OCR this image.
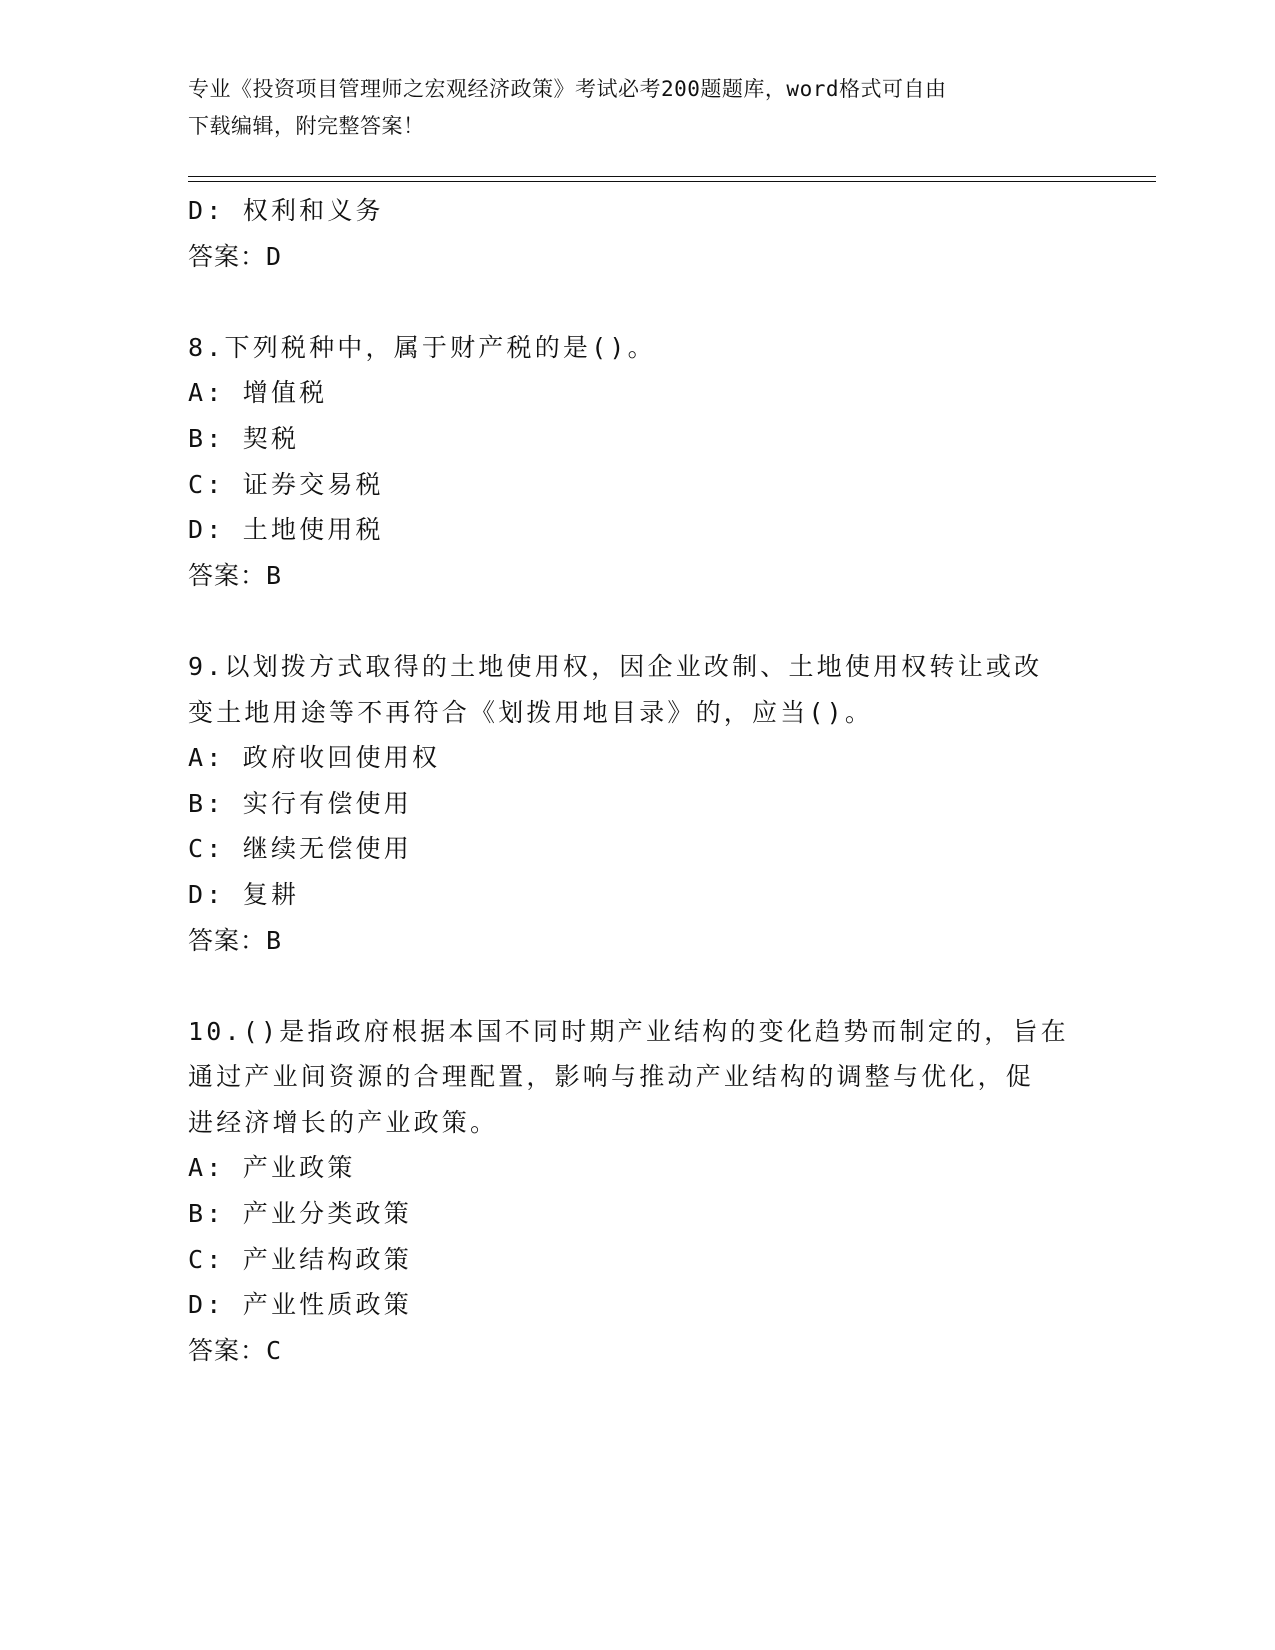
专业《投资项目管理师之宏观经济政策》考试必考200题题库，word格式可自由
下载编辑，附完整答案！
D: 权利和义务
答案：D
8.下列税种中，属于财产税的是()。
A: 增值税
B: 契税
C: 证券交易税
D: 土地使用税
答案：B
9.以划拨方式取得的土地使用权，因企业改制、土地使用权转让或改
变土地用途等不再符合《划拨用地目录》的，应当()。
A: 政府收回使用权
B: 实行有偿使用
C: 继续无偿使用
D: 复耕
答案：B
10.()是指政府根据本国不同时期产业结构的变化趋势而制定的，旨在
通过产业间资源的合理配置，影响与推动产业结构的调整与优化，促
进经济增长的产业政策。
A: 产业政策
B: 产业分类政策
C: 产业结构政策
D: 产业性质政策
答案：C
